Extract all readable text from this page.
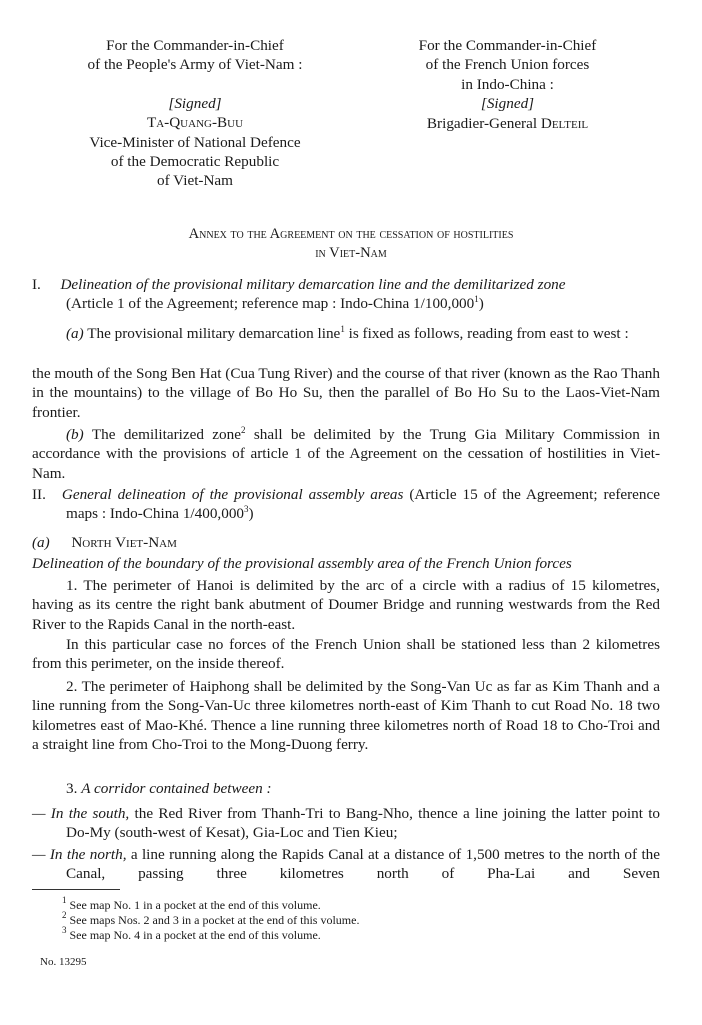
For the Commander-in-Chief
of the People's Army of Viet-Nam :
[Signed]
Ta-Quang-Buu
Vice-Minister of National Defence
of the Democratic Republic
of Viet-Nam
For the Commander-in-Chief
of the French Union forces
in Indo-China :
[Signed]
Brigadier-General Delteil
Annex to the Agreement on the cessation of hostilities
in Viet-Nam
I. Delineation of the provisional military demarcation line and the demilitarized zone
(Article 1 of the Agreement; reference map : Indo-China 1/100,000$^1$)
(a) The provisional military demarcation line$^1$ is fixed as follows, reading from east to west :
the mouth of the Song Ben Hat (Cua Tung River) and the course of that river (known as the Rao Thanh in the mountains) to the village of Bo Ho Su, then the parallel of Bo Ho Su to the Laos-Viet-Nam frontier.
(b) The demilitarized zone$^2$ shall be delimited by the Trung Gia Military Commission in accordance with the provisions of article 1 of the Agreement on the cessation of hostilities in Viet-Nam.
II. General delineation of the provisional assembly areas (Article 15 of the Agreement; reference maps : Indo-China 1/400,000$^3$)
(a) North Viet-Nam
Delineation of the boundary of the provisional assembly area of the French Union forces
1. The perimeter of Hanoi is delimited by the arc of a circle with a radius of 15 kilometres, having as its centre the right bank abutment of Doumer Bridge and running westwards from the Red River to the Rapids Canal in the north-east.
In this particular case no forces of the French Union shall be stationed less than 2 kilometres from this perimeter, on the inside thereof.
2. The perimeter of Haiphong shall be delimited by the Song-Van Uc as far as Kim Thanh and a line running from the Song-Van-Uc three kilometres north-east of Kim Thanh to cut Road No. 18 two kilometres east of Mao-Khé. Thence a line running three kilometres north of Road 18 to Cho-Troi and a straight line from Cho-Troi to the Mong-Duong ferry.
3. A corridor contained between :
— In the south, the Red River from Thanh-Tri to Bang-Nho, thence a line joining the latter point to Do-My (south-west of Kesat), Gia-Loc and Tien Kieu;
— In the north, a line running along the Rapids Canal at a distance of 1,500 metres to the north of the Canal, passing three kilometres north of Pha-Lai and Seven
$^1$ See map No. 1 in a pocket at the end of this volume.
$^2$ See maps Nos. 2 and 3 in a pocket at the end of this volume.
$^3$ See map No. 4 in a pocket at the end of this volume.
No. 13295
